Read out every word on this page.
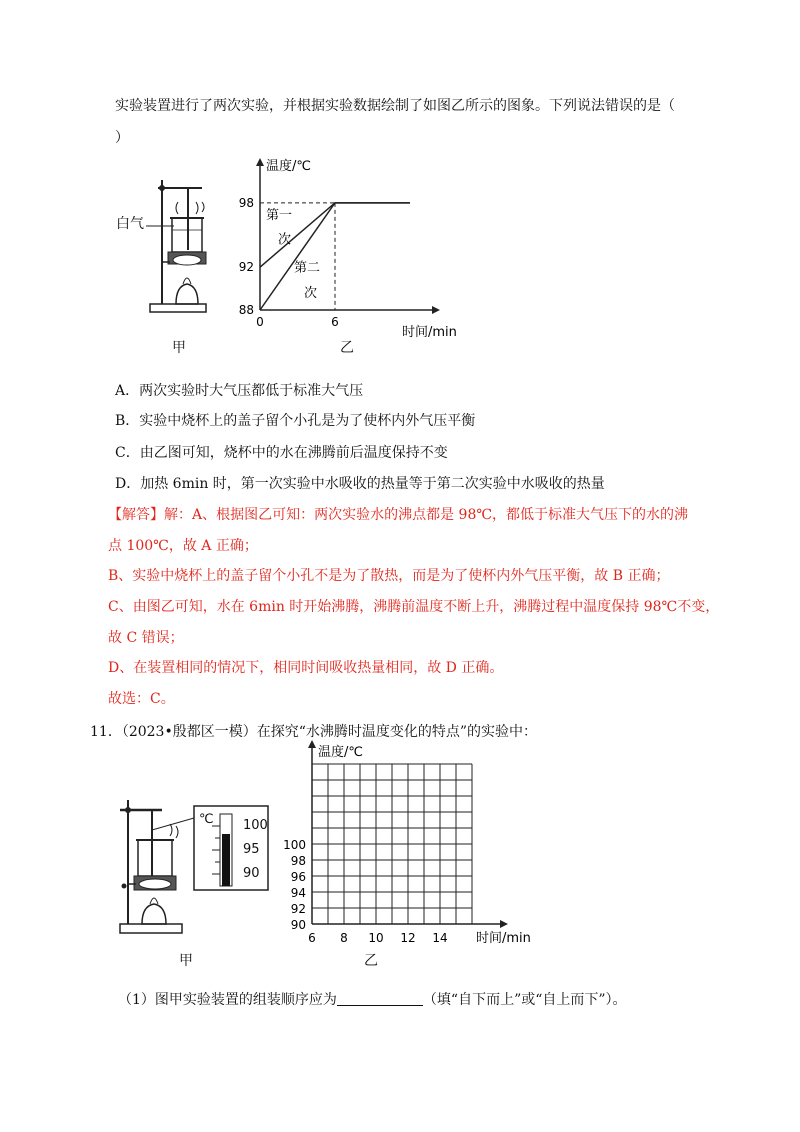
实验装置进行了两次实验，并根据实验数据绘制了如图乙所示的图象。下列说法错误的是（
）
白气
甲
温度/℃
时间/min
88
92
98
0	6
第一
次
第二
次
乙
A．两次实验时大气压都低于标准大气压
B．实验中烧杯上的盖子留个小孔是为了使杯内外气压平衡
C．由乙图可知，烧杯中的水在沸腾前后温度保持不变
D．加热 6min 时，第一次实验中水吸收的热量等于第二次实验中水吸收的热量
【解答】解：A、根据图乙可知：两次实验水的沸点都是 98℃，都低于标准大气压下的水的沸
点 100℃，故 A 正确；
B、实验中烧杯上的盖子留个小孔不是为了散热，而是为了使杯内外气压平衡，故 B 正确；
C、由图乙可知，水在 6min 时开始沸腾，沸腾前温度不断上升，沸腾过程中温度保持 98℃不变，
故 C 错误；
D、在装置相同的情况下，相同时间吸收热量相同，故 D 正确。
故选：C。
11．（2023•殷都区一模）在探究“水沸腾时温度变化的特点”的实验中：
℃ 100
95
90
甲
温度/℃
时间/min
90
92
94
96
98
100
6 8 10 12 14
乙
（1）图甲实验装置的组装顺序应为	（填“自下而上”或“自上而下”）。
